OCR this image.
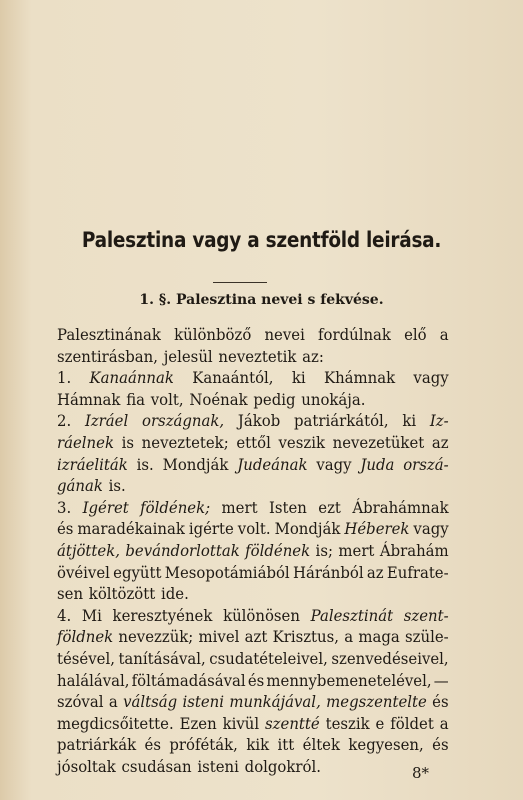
Palesztina vagy a szentföld leirása.
1. §. Palesztina nevei s fekvése.
Palesztinának különböző nevei fordúlnak elő a
szentirásban, jelesül neveztetik az:
1. Kanaánnak Kanaántól, ki Khámnak vagy
Hámnak fia volt, Noénak pedig unokája.
2. Izráel országnak, Jákob patriárkától, ki Iz-
ráelnek is neveztetek; ettől veszik nevezetüket az
izráeliták is. Mondják Judeának vagy Juda orszá-
gának is.
3. Igéret földének; mert Isten ezt Ábrahámnak
és maradékainak igérte volt. Mondják Héberek vagy
átjöttek, bevándorlottak földének is; mert Ábrahám
övéivel együtt Mesopotámiából Háránból az Eufrate-
sen költözött ide.
4. Mi keresztyének különösen Palesztinát szent-
földnek nevezzük; mivel azt Krisztus, a maga szüle-
tésével, tanításával, csudatételeivel, szenvedéseivel,
halálával, föltámadásával és mennybemenetelével, —
szóval a váltság isteni munkájával, megszentelte és
megdicsőitette. Ezen kivül szentté teszik e földet a
patriárkák és próféták, kik itt éltek kegyesen, és
jósoltak csudásan isteni dolgokról.	8*
